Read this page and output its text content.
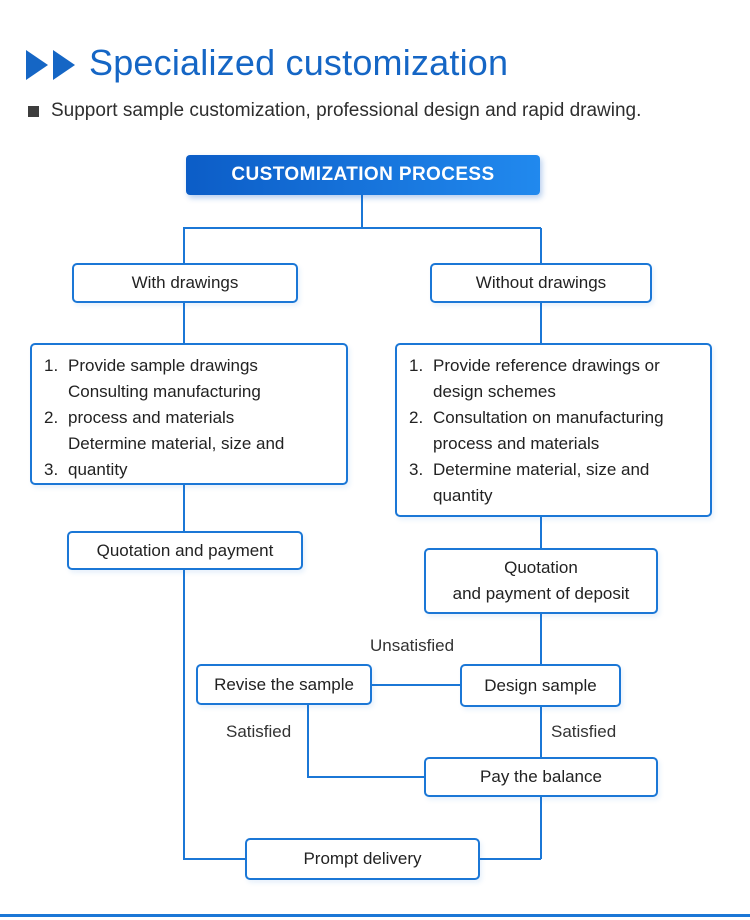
Specialized customization
Support sample customization, professional design and rapid drawing.
CUSTOMIZATION PROCESS
With drawings	Without drawings
1. Provide sample drawings
Consulting manufacturing
2. process and materials
Determine material, size and
3. quantity
1. Provide reference drawings or
design schemes
2. Consultation on manufacturing
process and materials
3. Determine material, size and
quantity
Quotation and payment
Quotation
and payment of deposit
Unsatisfied
Revise the sample	Design sample
Satisfied	Satisfied
Pay the balance
Prompt delivery
